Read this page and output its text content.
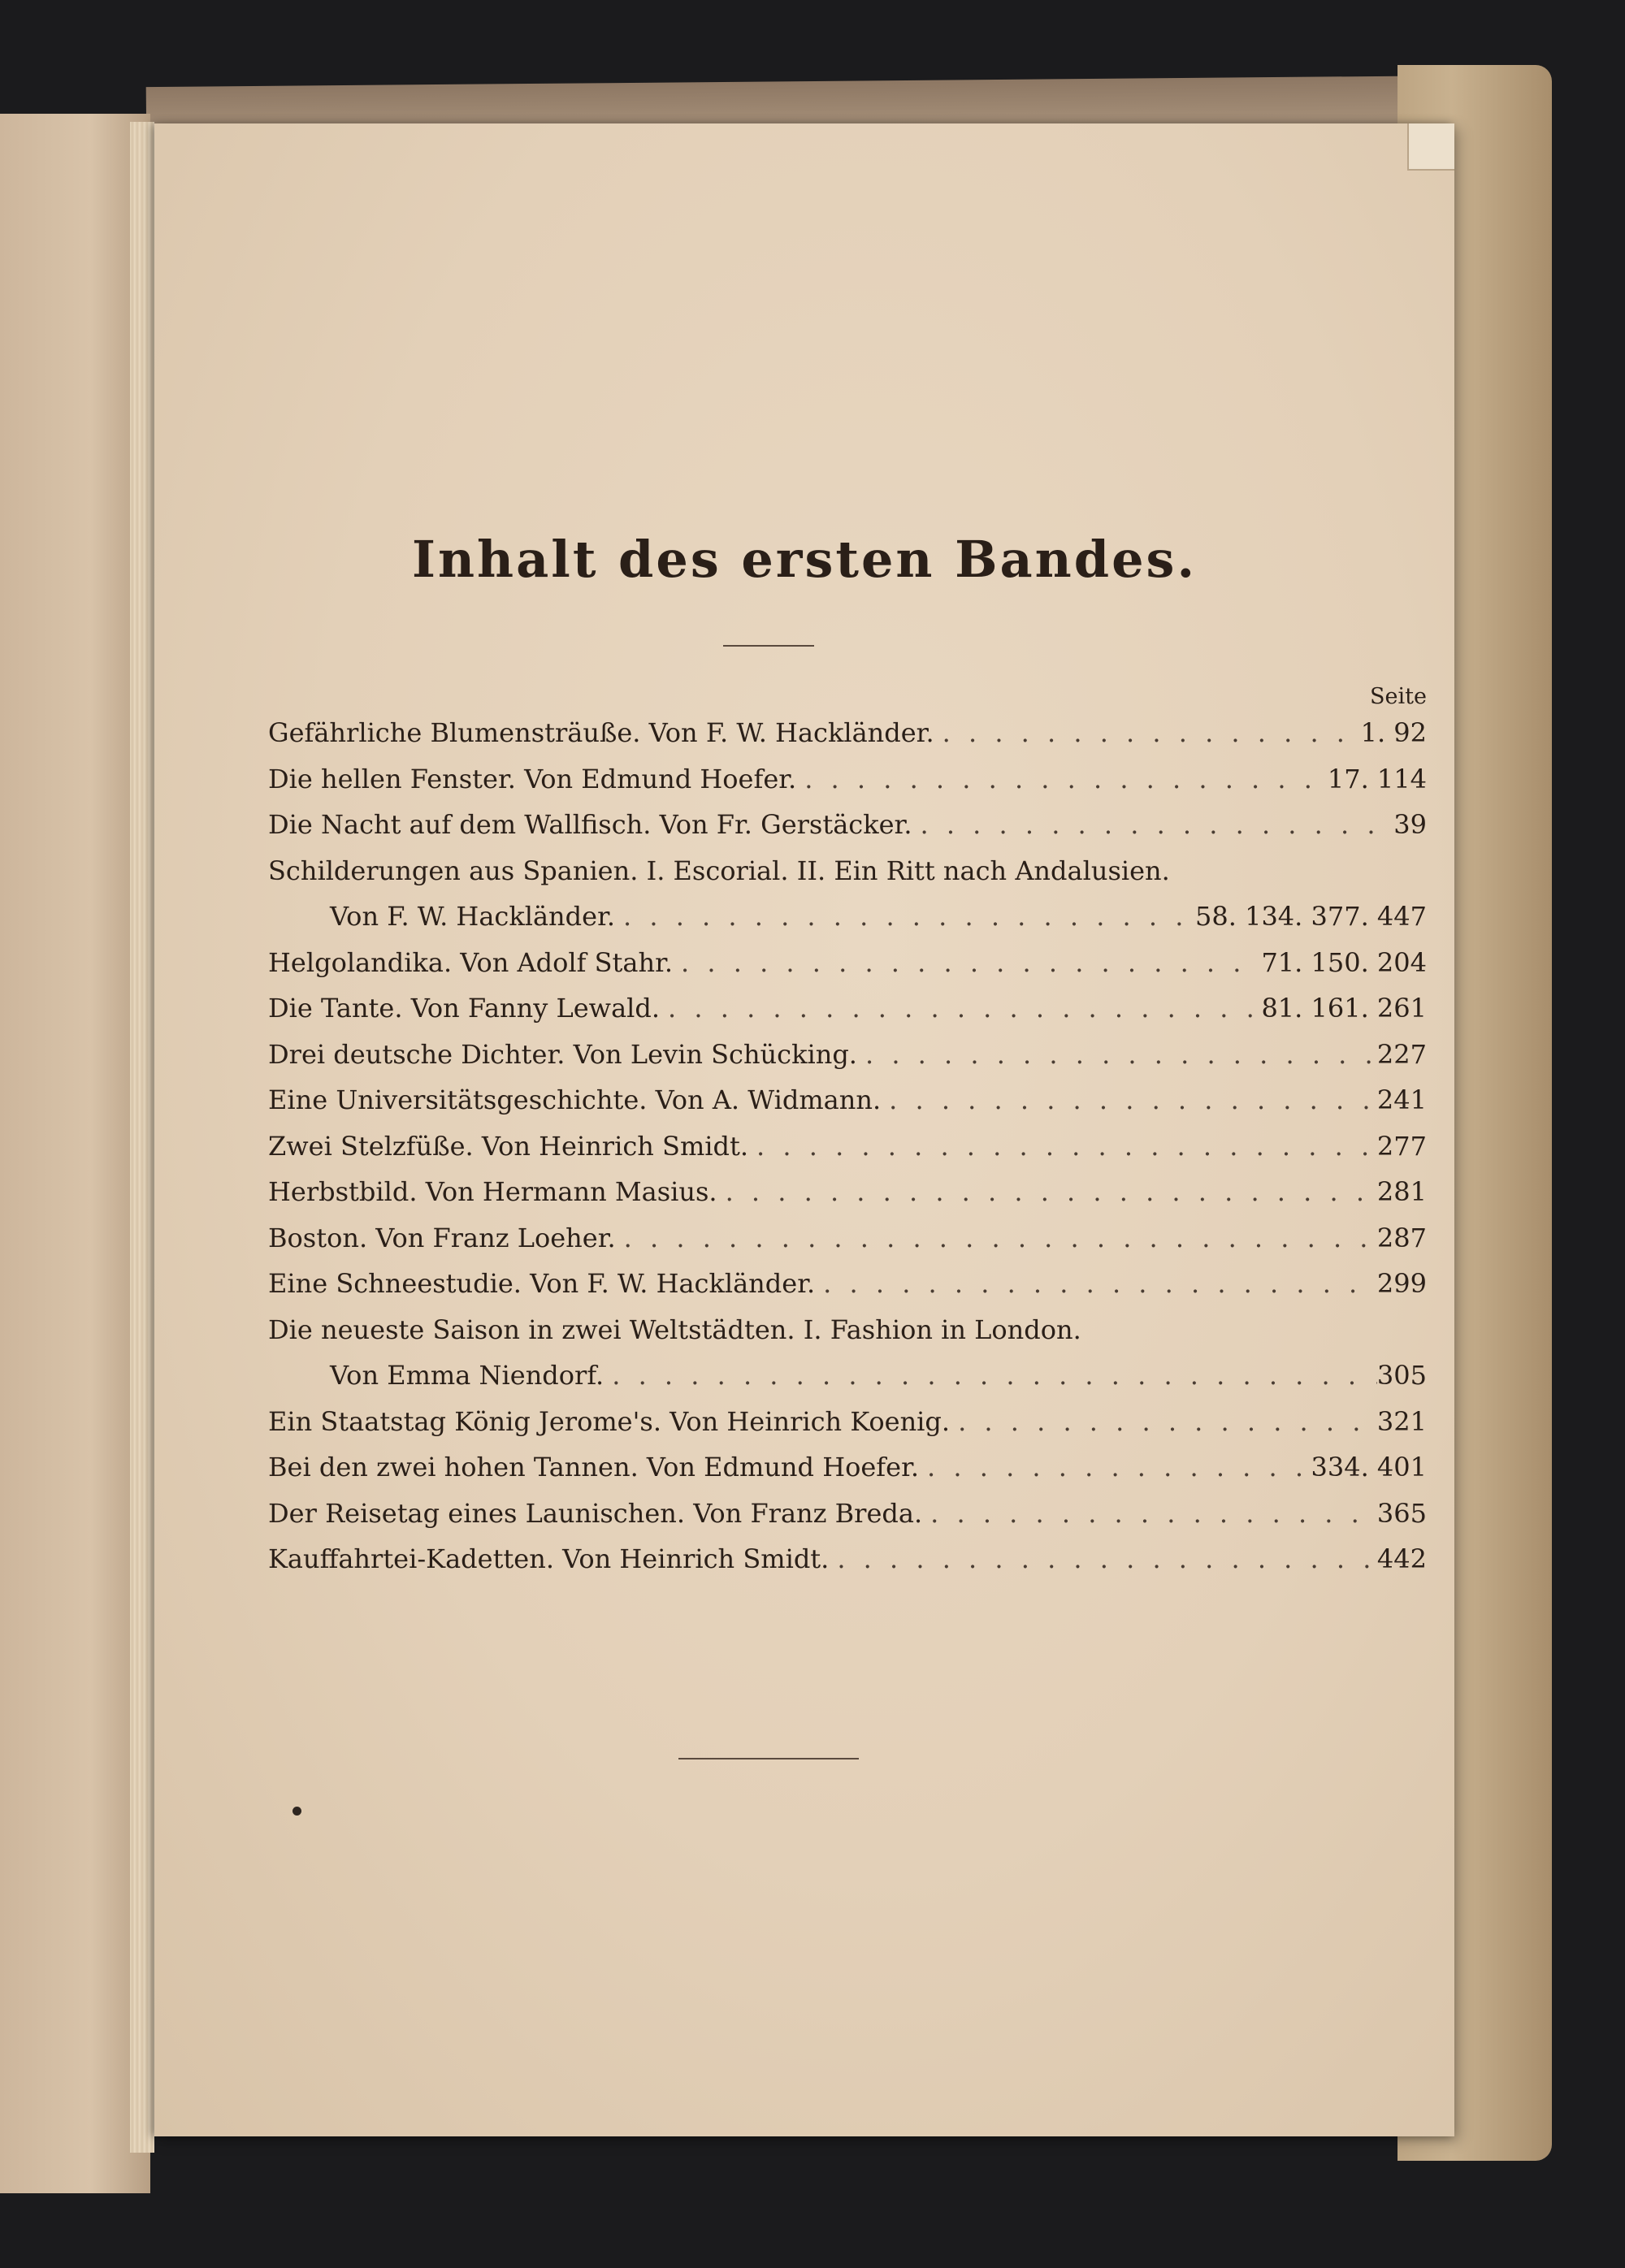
Inhalt des ersten Bandes.
Seite
Gefährliche Blumensträuße. Von F. W. Hackländer. . . .	1. 92
Die hellen Fenster. Von Edmund Hoefer. . . .	17. 114
Die Nacht auf dem Wallfisch. Von Fr. Gerstäcker. . . .	39
Schilderungen aus Spanien. I. Escorial. II. Ein Ritt nach Andalusien.
Von F. W. Hackländer. . . .	58. 134. 377. 447
Helgolandika. Von Adolf Stahr. . . .	71. 150. 204
Die Tante. Von Fanny Lewald. . . .	81. 161. 261
Drei deutsche Dichter. Von Levin Schücking. . . .	227
Eine Universitätsgeschichte. Von A. Widmann. . . .	241
Zwei Stelzfüße. Von Heinrich Smidt. . . .	277
Herbstbild. Von Hermann Masius. . . .	281
Boston. Von Franz Loeher. . . .	287
Eine Schneestudie. Von F. W. Hackländer. . . .	299
Die neueste Saison in zwei Weltstädten. I. Fashion in London.
Von Emma Niendorf. . . .	305
Ein Staatstag König Jerome's. Von Heinrich Koenig. . . .	321
Bei den zwei hohen Tannen. Von Edmund Hoefer. . . .	334. 401
Der Reisetag eines Launischen. Von Franz Breda. . . .	365
Kauffahrtei-Kadetten. Von Heinrich Smidt. . . .	442
